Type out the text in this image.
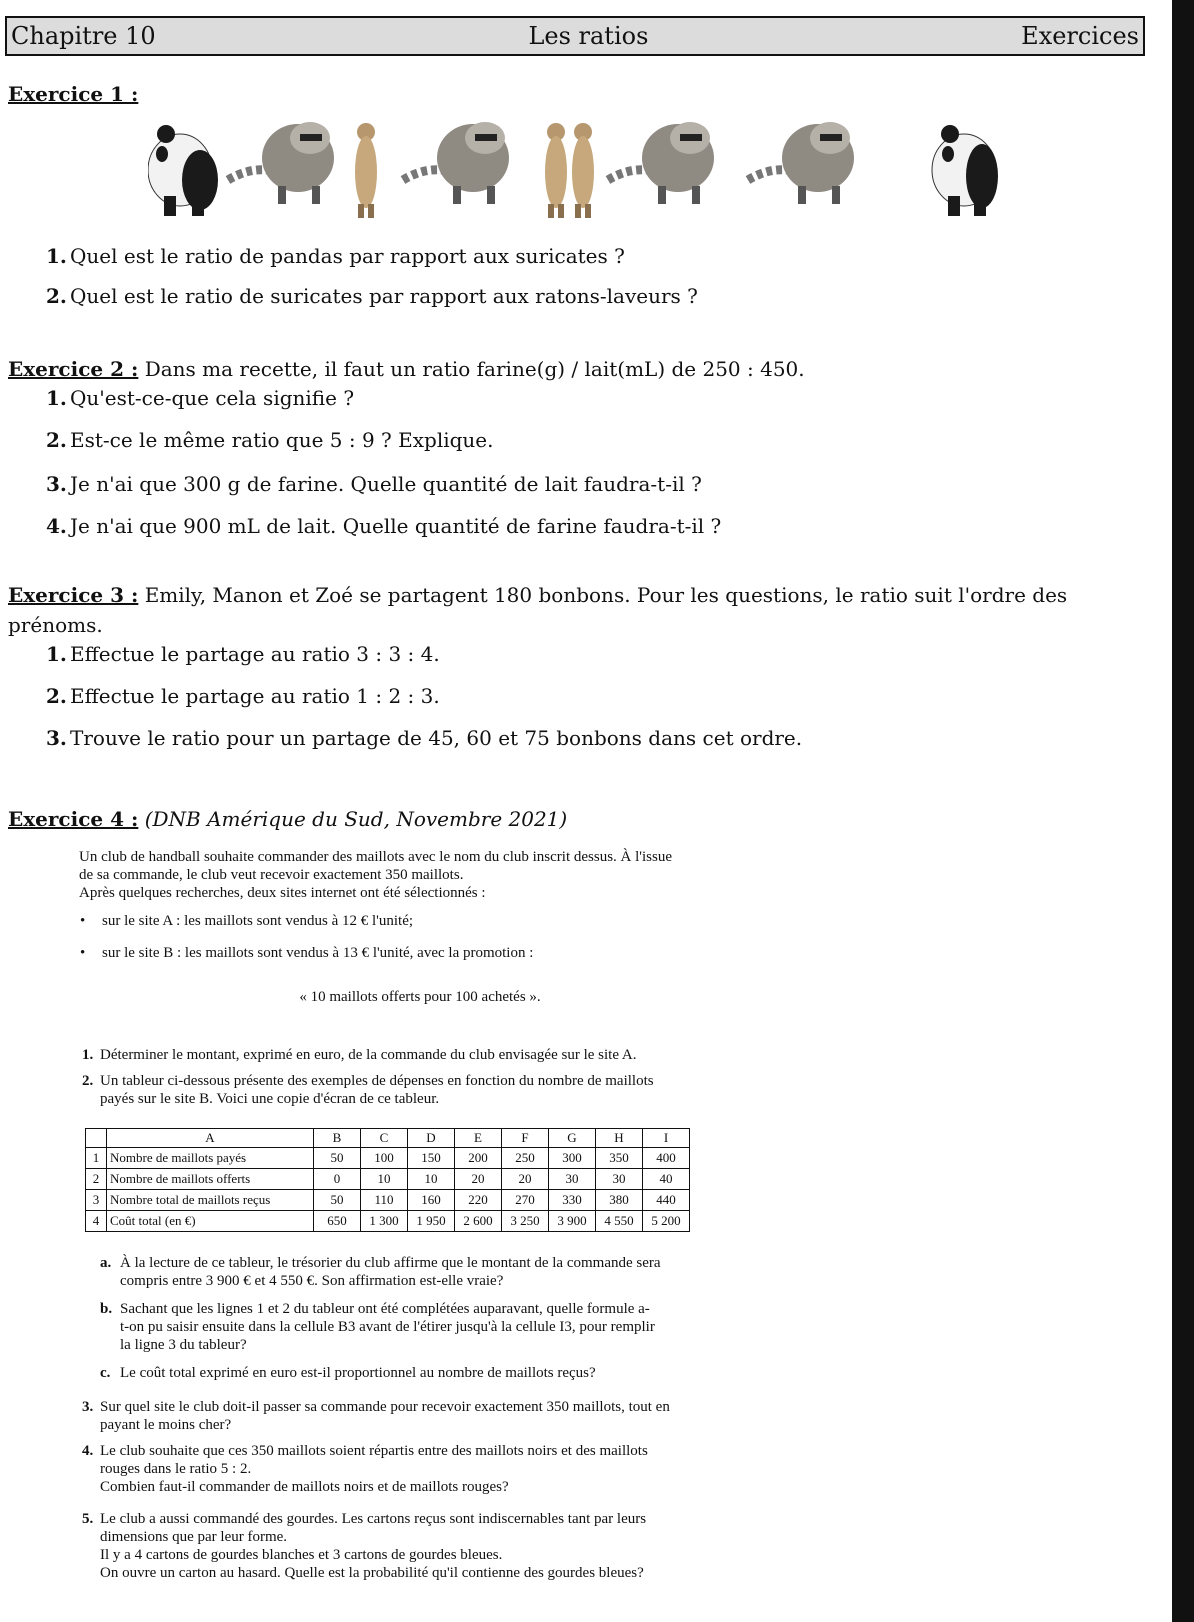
Chapitre 10	Les ratios	Exercices
Exercice 1 :
1. Quel est le ratio de pandas par rapport aux suricates ?
2. Quel est le ratio de suricates par rapport aux ratons-laveurs ?
Exercice 2 : Dans ma recette, il faut un ratio farine(g) / lait(mL) de 250 : 450.
1. Qu'est-ce-que cela signifie ?
2. Est-ce le même ratio que 5 : 9 ? Explique.
3. Je n'ai que 300 g de farine. Quelle quantité de lait faudra-t-il ?
4. Je n'ai que 900 mL de lait. Quelle quantité de farine faudra-t-il ?
Exercice 3 : Emily, Manon et Zoé se partagent 180 bonbons. Pour les questions, le ratio suit l'ordre des
prénoms.
1. Effectue le partage au ratio 3 : 3 : 4.
2. Effectue le partage au ratio 1 : 2 : 3.
3. Trouve le ratio pour un partage de 45, 60 et 75 bonbons dans cet ordre.
Exercice 4 : (DNB Amérique du Sud, Novembre 2021)
Un club de handball souhaite commander des maillots avec le nom du club inscrit dessus. À l'issue
de sa commande, le club veut recevoir exactement 350 maillots.
Après quelques recherches, deux sites internet ont été sélectionnés :
• sur le site A : les maillots sont vendus à 12 € l'unité;
• sur le site B : les maillots sont vendus à 13 € l'unité, avec la promotion :
« 10 maillots offerts pour 100 achetés ».
1. Déterminer le montant, exprimé en euro, de la commande du club envisagée sur le site A.
2. Un tableur ci-dessous présente des exemples de dépenses en fonction du nombre de maillots
payés sur le site B. Voici une copie d'écran de ce tableur.
	A	B	C	D	E	F	G	H	I
1	Nombre de maillots payés	50	100	150	200	250	300	350	400
2	Nombre de maillots offerts	0	10	10	20	20	30	30	40
3	Nombre total de maillots reçus	50	110	160	220	270	330	380	440
4	Coût total (en €)	650	1 300	1 950	2 600	3 250	3 900	4 550	5 200
a. À la lecture de ce tableur, le trésorier du club affirme que le montant de la commande sera
compris entre 3 900 € et 4 550 €. Son affirmation est-elle vraie?
b. Sachant que les lignes 1 et 2 du tableur ont été complétées auparavant, quelle formule a-
t-on pu saisir ensuite dans la cellule B3 avant de l'étirer jusqu'à la cellule I3, pour remplir
la ligne 3 du tableur?
c. Le coût total exprimé en euro est-il proportionnel au nombre de maillots reçus?
3. Sur quel site le club doit-il passer sa commande pour recevoir exactement 350 maillots, tout en
payant le moins cher?
4. Le club souhaite que ces 350 maillots soient répartis entre des maillots noirs et des maillots
rouges dans le ratio 5 : 2.
Combien faut-il commander de maillots noirs et de maillots rouges?
5. Le club a aussi commandé des gourdes. Les cartons reçus sont indiscernables tant par leurs
dimensions que par leur forme.
Il y a 4 cartons de gourdes blanches et 3 cartons de gourdes bleues.
On ouvre un carton au hasard. Quelle est la probabilité qu'il contienne des gourdes bleues?
